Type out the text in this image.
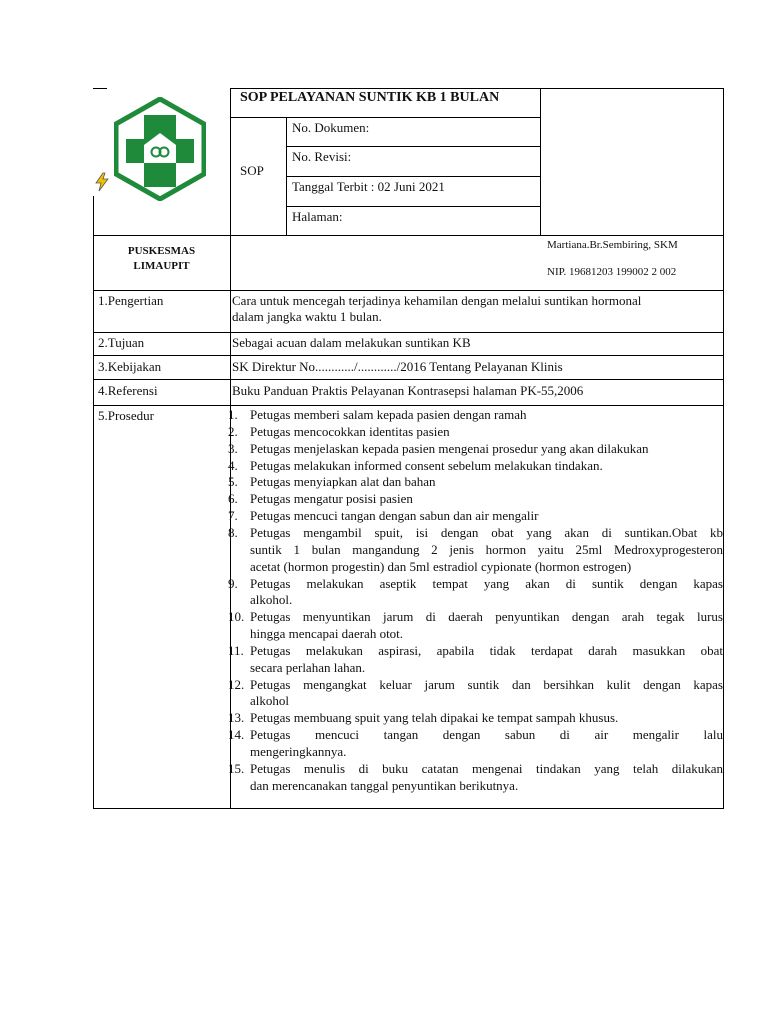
SOP PELAYANAN SUNTIK KB 1 BULAN
SOP
No. Dokumen:
No. Revisi:
Tanggal Terbit : 02 Juni 2021
Halaman:
PUSKESMAS
LIMAUPIT
Martiana.Br.Sembiring, SKM
NIP. 19681203 199002 2 002
1.Pengertian	Cara untuk mencegah terjadinya kehamilan dengan melalui suntikan hormonal
dalam jangka waktu 1 bulan.
2.Tujuan	Sebagai acuan dalam melakukan suntikan KB
3.Kebijakan	SK Direktur No............/............/2016 Tentang Pelayanan Klinis
4.Referensi	Buku Panduan Praktis Pelayanan Kontrasepsi halaman PK-55,2006
5.Prosedur	1. Petugas memberi salam kepada pasien dengan ramah
2. Petugas mencocokkan identitas pasien
3. Petugas menjelaskan kepada pasien mengenai prosedur yang akan dilakukan
4. Petugas melakukan informed consent sebelum melakukan tindakan.
5. Petugas menyiapkan alat dan bahan
6. Petugas mengatur posisi pasien
7. Petugas mencuci tangan dengan sabun dan air mengalir
8. Petugas mengambil spuit, isi dengan obat yang akan di suntikan.Obat kb
suntik 1 bulan mangandung 2 jenis hormon yaitu 25ml Medroxyprogesteron
acetat (hormon progestin) dan 5ml estradiol cypionate (hormon estrogen)
9. Petugas melakukan aseptik tempat yang akan di suntik dengan kapas
alkohol.
10. Petugas menyuntikan jarum di daerah penyuntikan dengan arah tegak lurus
hingga mencapai daerah otot.
11. Petugas melakukan aspirasi, apabila tidak terdapat darah masukkan obat
secara perlahan lahan.
12. Petugas mengangkat keluar jarum suntik dan bersihkan kulit dengan kapas
alkohol
13. Petugas membuang spuit yang telah dipakai ke tempat sampah khusus.
14. Petugas mencuci tangan dengan sabun di air mengalir lalu
mengeringkannya.
15. Petugas menulis di buku catatan mengenai tindakan yang telah dilakukan
dan merencanakan tanggal penyuntikan berikutnya.
